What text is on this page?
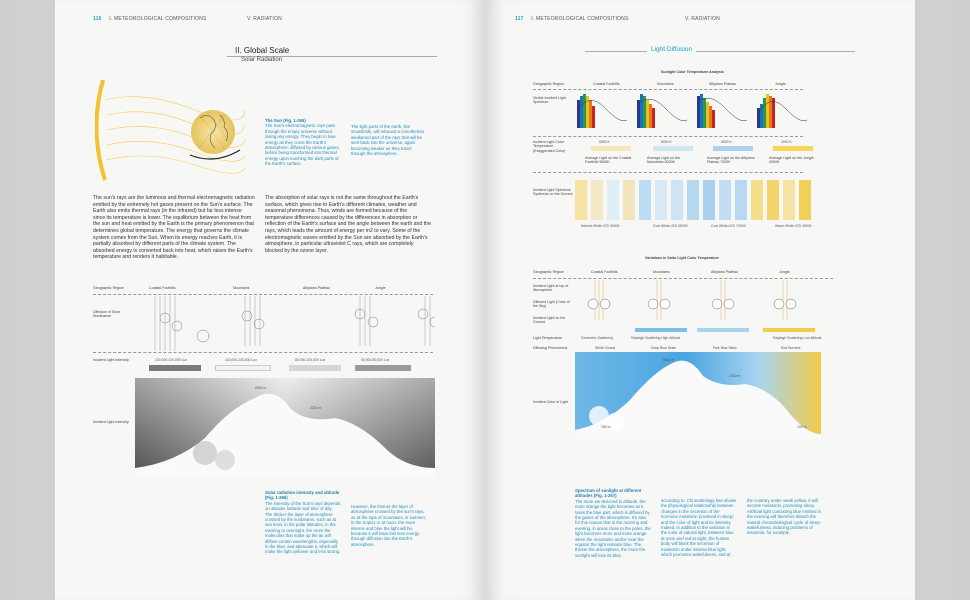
116 I. METEOROLOGICAL COMPOSITIONS	V. RADIATION
II. Global Scale
Solar Radiation
The Sun (Fig. 1-265)
The Sun's electromagnetic rays pass through the empty universe without losing any energy. They begin to lose energy as they cross the Earth's atmosphere, diffused by various gases, before being transformed into thermal energy upon touching the dark parts of the Earth's surface.
The light parts of the earth, like snowfields, will rebound a nonetheless weakened part of the rays that will be sent back into the universe, again becoming weaker as they travel through the atmosphere.
The sun's rays are the luminous and thermal electromagnetic radiation emitted by the extremely hot gases present on the Sun's surface. The Earth also emits thermal rays (in the infrared) but far less intense since its temperature is lower. The equilibrium between the heat from the sun and heat emitted by the Earth is the primary phenomenon that determines global temperature. The energy that governs the climate system comes from the Sun. When its energy reaches Earth, it is partially absorbed by different parts of the climate system. The absorbed energy is converted back into heat, which raises the Earth's temperature and renders it habitable.
The absorption of solar rays is not the same throughout the Earth's surface, which gives rise to Earth's different climates, weather and seasonal phenomena. Thus, winds are formed because of the temperature differences caused by the differences in absorption or reflection of the Earth's surface and the angle between the earth and the rays, which leads the amount of energy per m2 to vary. Some of the electromagnetic waves emitted by the Sun are absorbed by the Earth's atmosphere, in particular ultraviolet C rays, which are completely blocked by the ozone layer.
Geographic Region	Coastal Foothills	Mountains	Altiplano Plateau	Jungle
Diffusion of Solar Illuminance
Incident Light Intensity	100,000-120,000 Lux	110,000-130,000 Lux	80,000-100,000 Lux	50,000-80,000 Lux
Incident Light Intensity
6962 m
2330 m
150 m	100 m
Solar radiation intensity and altitude (Fig. 1-266)
The intensity of the Sun's rays depends on altitude, latitude and time of day. The thicker the layer of atmosphere crossed by the sunbeams, such as at sea level, in the polar latitudes, in the evening or overnight, the more the molecules that make up the air will diffuse certain wavelengths, especially in the blue, and attenuate it, which will make the light yellower and less strong.
However, the thinner the layer of atmosphere crossed by the sun's rays, as at the tops of mountains, in summer, in the tropics or at noon, the more intense and blue the light will be, because it will have lost less energy through diffusion into the Earth's atmosphere.
117 I. METEOROLOGICAL COMPOSITIONS	V. RADIATION
Light Diffusion
Sunlight Color Temperature Analysis
Geographic Region	Coastal Foothills	Mountains	Altiplano Plateau	Jungle
Visible Incident Light Spectrum
Incident Light Color Temperature (Exaggerated Color)
5500 K	6000 K	6500 K	4000 K
Average Light on the Coastal Foothills 5500K
Average Light on the Mountains 6000K
Average Light on the Altiplano Plateau 7000K
Average Light on the Jungle 4000K
Incident Light Spectrum Synthesis on the Ground
Neutral White LED 5000K	Cool White LED 6500K	Cool White LED 7000K	Warm White LED 4000K
Variations in Solar Light Color Temperature
Geographic Region	Coastal Foothills	Mountains	Altiplano Plateau	Jungle
Incident Light at top of Atmosphere
Diffused Light (Color of the Sky)
Incident Light on the Ground
Light Temperature	Geometric Scattering	Rayleigh Scattering High Altitude	Rayleigh Scattering Low Altitude
Diffusing Phenomena	White Clouds	Deep Blue Skies	Pale Blue Skies	Red Sunsets
Incident Color of Light
6962 m
2330 m
150 m	100 m
Spectrum of sunlight at different altitudes (Fig. 1-267)
The more we descend in altitude, the more orange the light becomes as it loses the blue part, which is diffused by the gases of the atmosphere. It's also for this reason that in the morning and evening, in areas close to the poles, the light becomes more and more orange when the mountains and/or near the equator the light remains blue. The thicker the atmosphere, the more the sunlight will lose its blue.
according to. Chronobiology has shown the physiological relationship between changes in the secretion of the hormone melatonin (involved in sleep) and the color of light and its intensity. Indeed, in addition to the variation in the color of natural light, between blue at noon and red at night, the human body will block the secretion of melatonin under intense blue light, which promotes wakefulness, and at
the contrary under weak yellow, it will secrete melatonin, promoting sleep. Artificial light contacting blue emitted in the evening will therefore disturb the natural chronobiological cycle of sleep-wakefulness, inducing problems of insomnia, for example.
